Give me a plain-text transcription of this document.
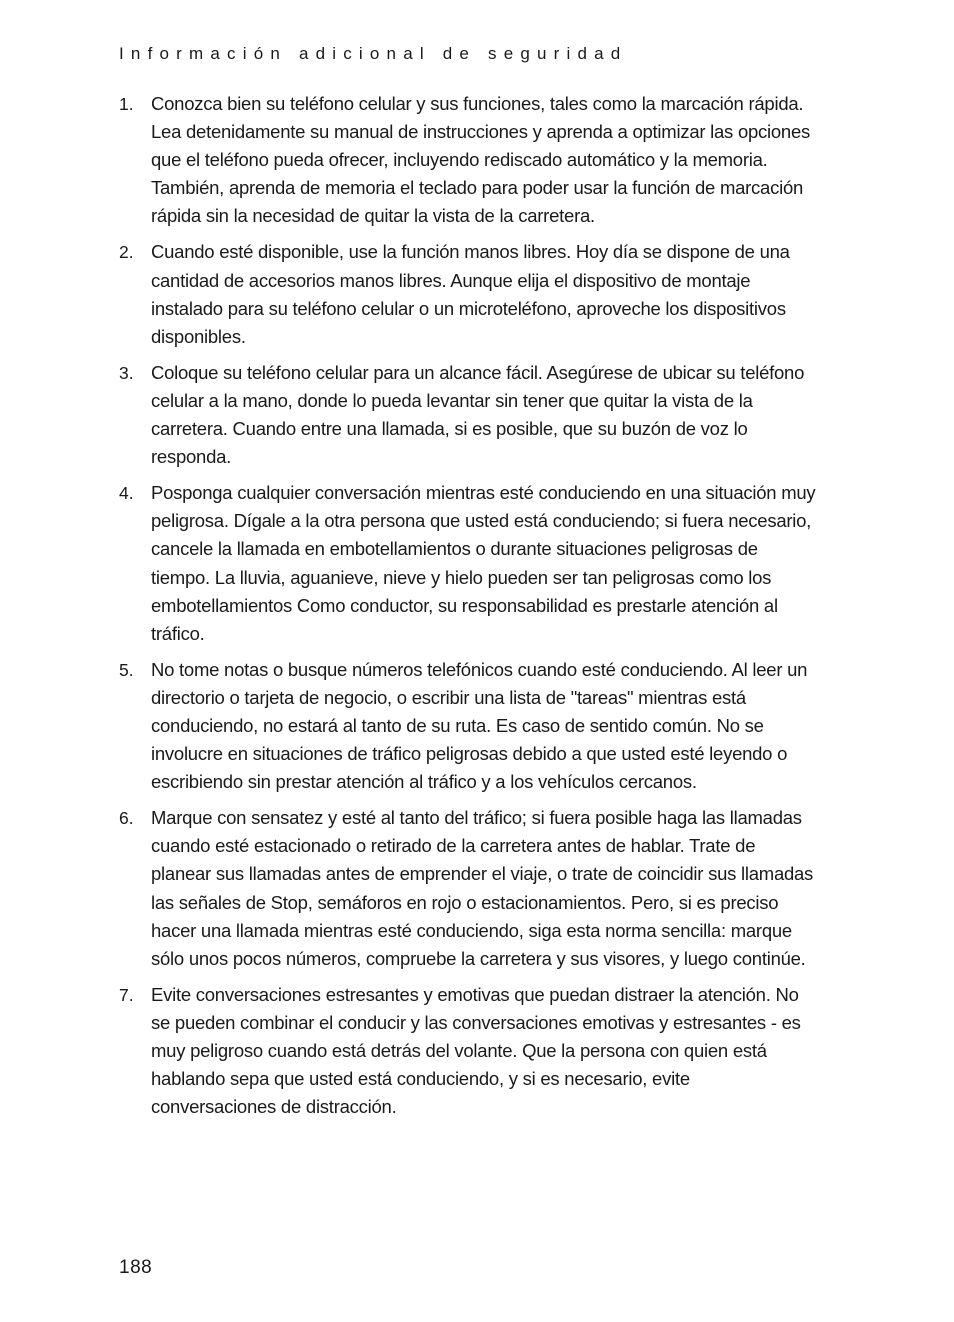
Información adicional de seguridad
1. Conozca bien su teléfono celular y sus funciones, tales como la marcación rápida. Lea detenidamente su manual de instrucciones y aprenda a optimizar las opciones que el teléfono pueda ofrecer, incluyendo rediscado automático y la memoria. También, aprenda de memoria el teclado para poder usar la función de marcación rápida sin la necesidad de quitar la vista de la carretera.
2. Cuando esté disponible, use la función manos libres. Hoy día se dispone de una cantidad de accesorios manos libres. Aunque elija el dispositivo de montaje instalado para su teléfono celular o un microteléfono, aproveche los dispositivos disponibles.
3. Coloque su teléfono celular para un alcance fácil. Asegúrese de ubicar su teléfono celular a la mano, donde lo pueda levantar sin tener que quitar la vista de la carretera. Cuando entre una llamada, si es posible, que su buzón de voz lo responda.
4. Posponga cualquier conversación mientras esté conduciendo en una situación muy peligrosa. Dígale a la otra persona que usted está conduciendo; si fuera necesario, cancele la llamada en embotellamientos o durante situaciones peligrosas de tiempo. La lluvia, aguanieve, nieve y hielo pueden ser tan peligrosas como los embotellamientos Como conductor, su responsabilidad es prestarle atención al tráfico.
5. No tome notas o busque números telefónicos cuando esté conduciendo. Al leer un directorio o tarjeta de negocio, o escribir una lista de "tareas" mientras está conduciendo, no estará al tanto de su ruta. Es caso de sentido común. No se involucre en situaciones de tráfico peligrosas debido a que usted esté leyendo o escribiendo sin prestar atención al tráfico y a los vehículos cercanos.
6. Marque con sensatez y esté al tanto del tráfico; si fuera posible haga las llamadas cuando esté estacionado o retirado de la carretera antes de hablar. Trate de planear sus llamadas antes de emprender el viaje, o trate de coincidir sus llamadas las señales de Stop, semáforos en rojo o estacionamientos. Pero, si es preciso hacer una llamada mientras esté conduciendo, siga esta norma sencilla: marque sólo unos pocos números, compruebe la carretera y sus visores, y luego continúe.
7. Evite conversaciones estresantes y emotivas que puedan distraer la atención. No se pueden combinar el conducir y las conversaciones emotivas y estresantes - es muy peligroso cuando está detrás del volante. Que la persona con quien está hablando sepa que usted está conduciendo, y si es necesario, evite conversaciones de distracción.
188
